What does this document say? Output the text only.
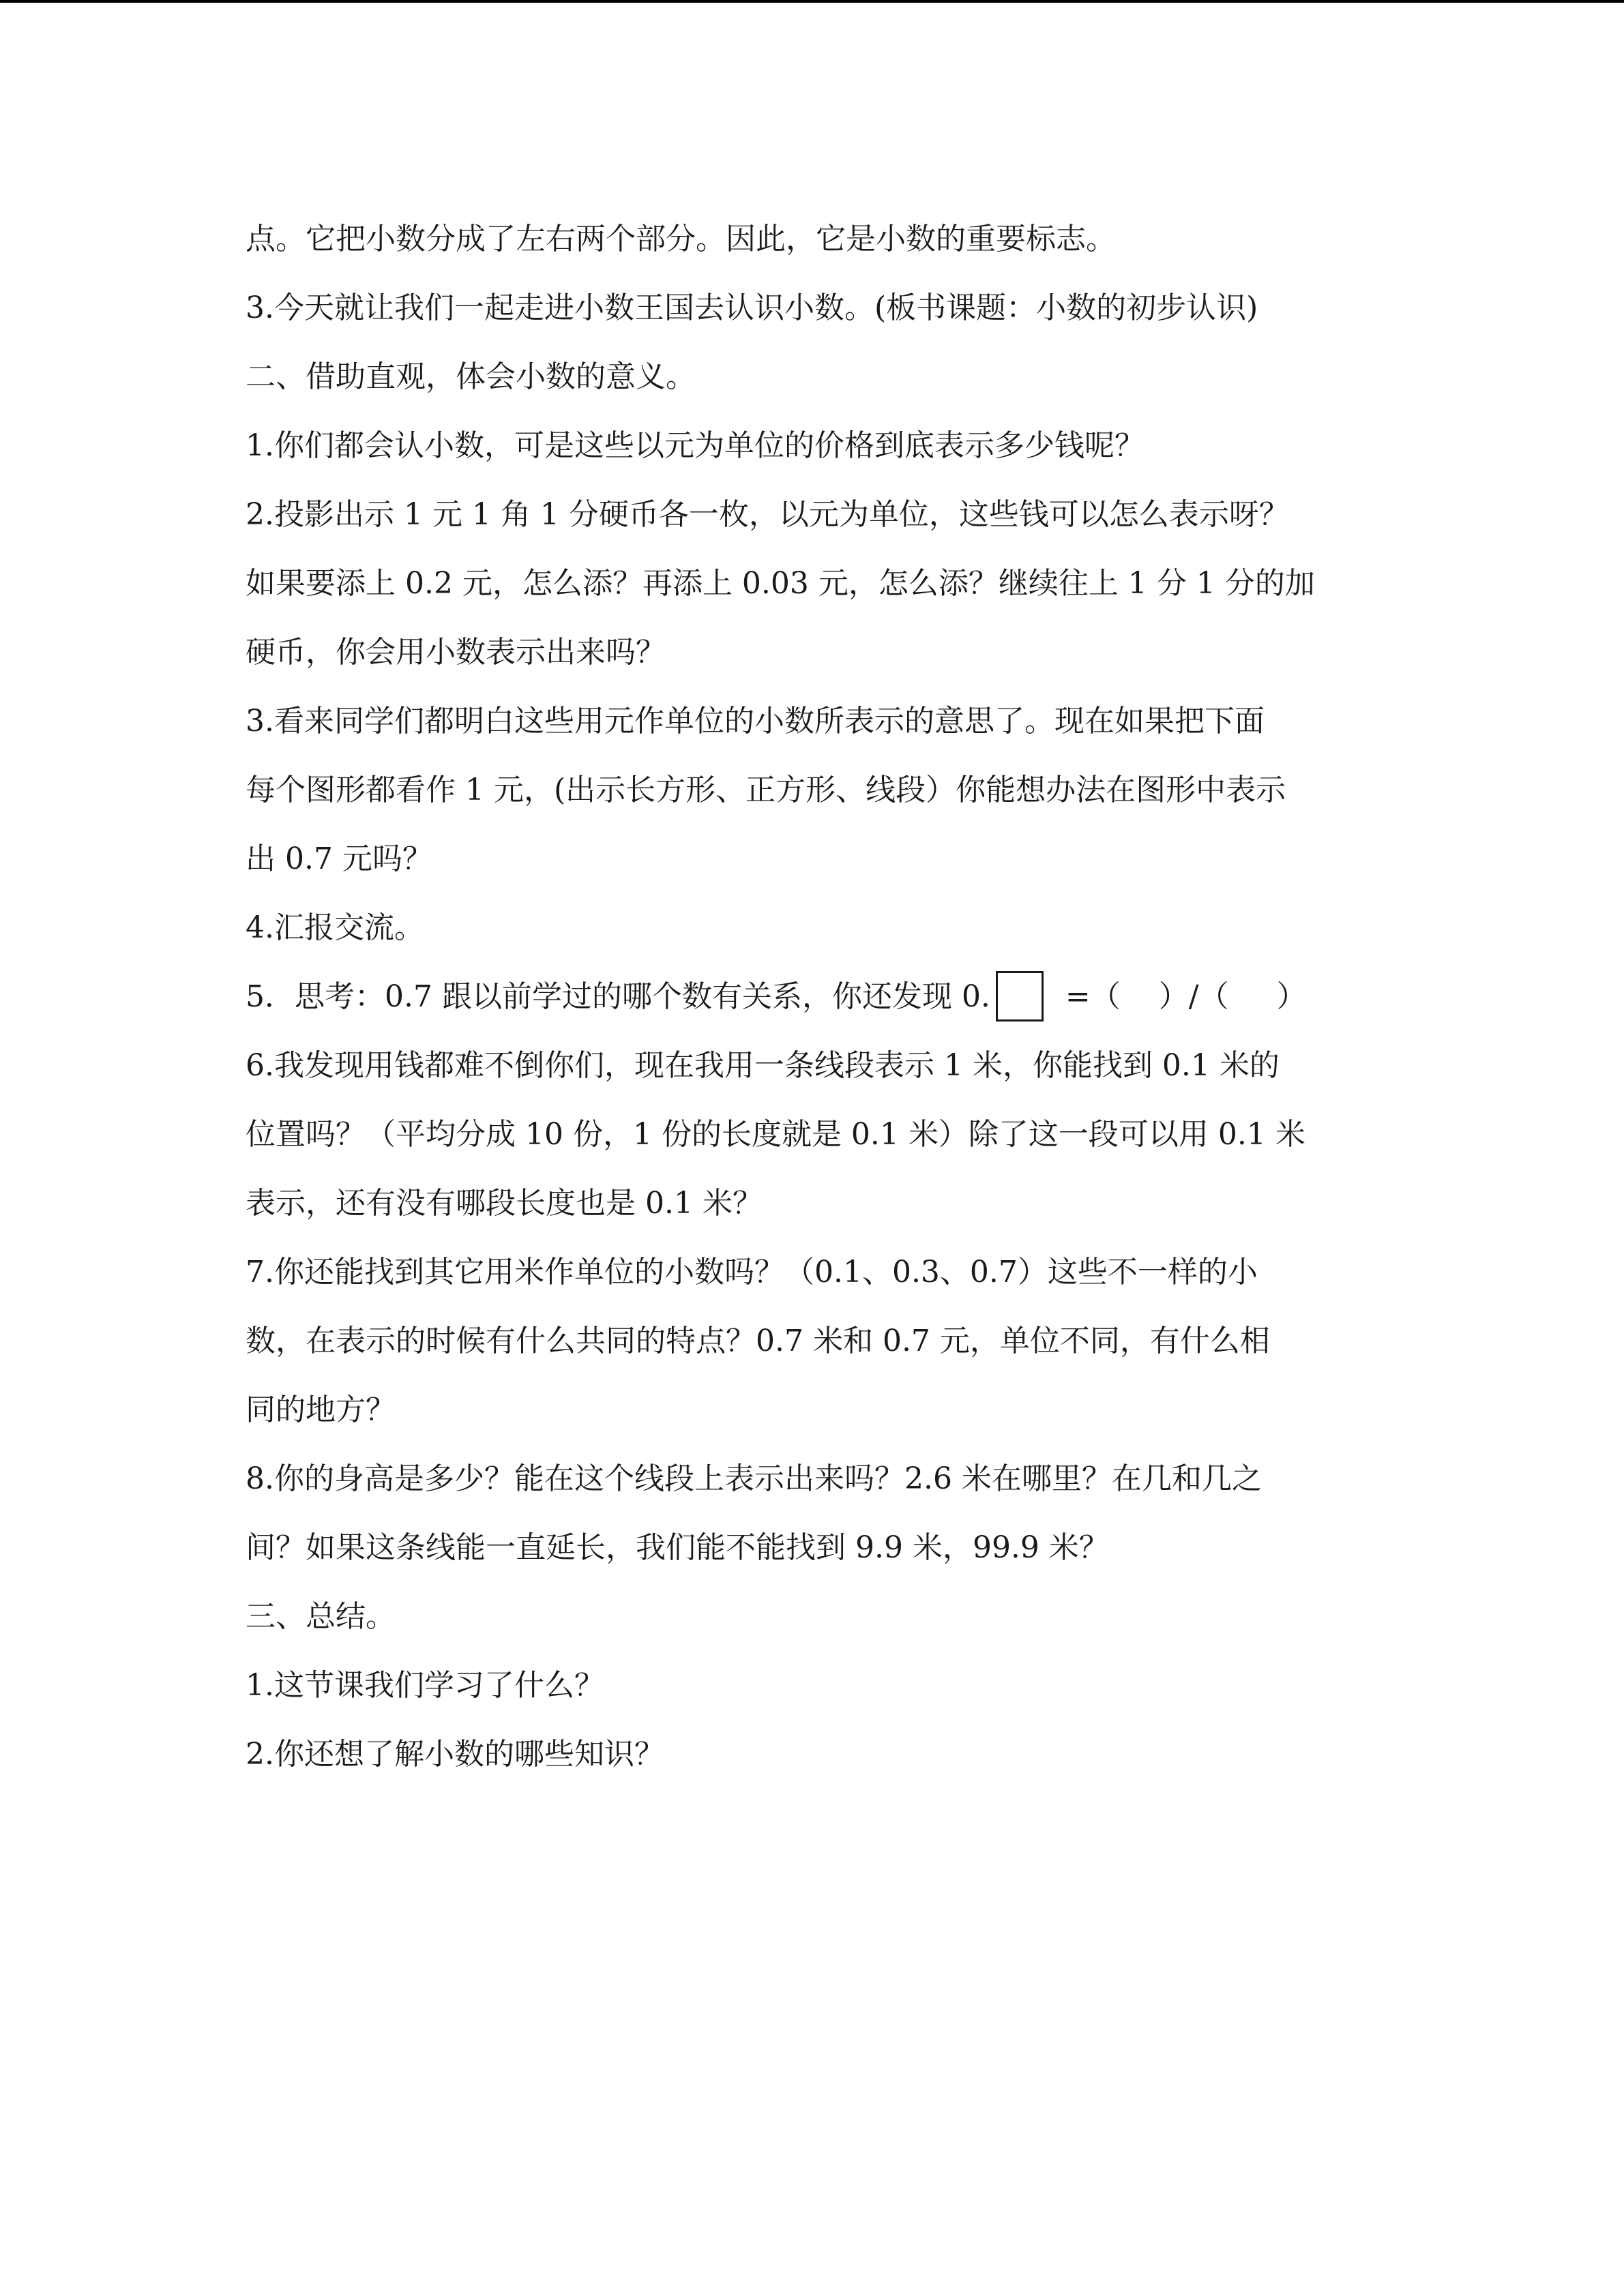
点。它把小数分成了左右两个部分。因此，它是小数的重要标志。
3.今天就让我们一起走进小数王国去认识小数。(板书课题：小数的初步认识)
二、借助直观，体会小数的意义。
1.你们都会认小数，可是这些以元为单位的价格到底表示多少钱呢？
2.投影出示 1 元 1 角 1 分硬币各一枚，以元为单位，这些钱可以怎么表示呀？
如果要添上 0.2 元，怎么添？再添上 0.03 元，怎么添？继续往上 1 分 1 分的加
硬币，你会用小数表示出来吗？
3.看来同学们都明白这些用元作单位的小数所表示的意思了。现在如果把下面
每个图形都看作 1 元，(出示长方形、正方形、线段）你能想办法在图形中表示
出 0.7 元吗？
4.汇报交流。
5．思考：0.7 跟以前学过的哪个数有关系，你还发现 0. =（    ）/（     ）
6.我发现用钱都难不倒你们，现在我用一条线段表示 1 米，你能找到 0.1 米的
位置吗？（平均分成 10 份，1 份的长度就是 0.1 米）除了这一段可以用 0.1 米
表示，还有没有哪段长度也是 0.1 米？
7.你还能找到其它用米作单位的小数吗？（0.1、0.3、0.7）这些不一样的小
数，在表示的时候有什么共同的特点？0.7 米和 0.7 元，单位不同，有什么相
同的地方？
8.你的身高是多少？能在这个线段上表示出来吗？2.6 米在哪里？在几和几之
间？如果这条线能一直延长，我们能不能找到 9.9 米，99.9 米？
三、总结。
1.这节课我们学习了什么？
2.你还想了解小数的哪些知识？
